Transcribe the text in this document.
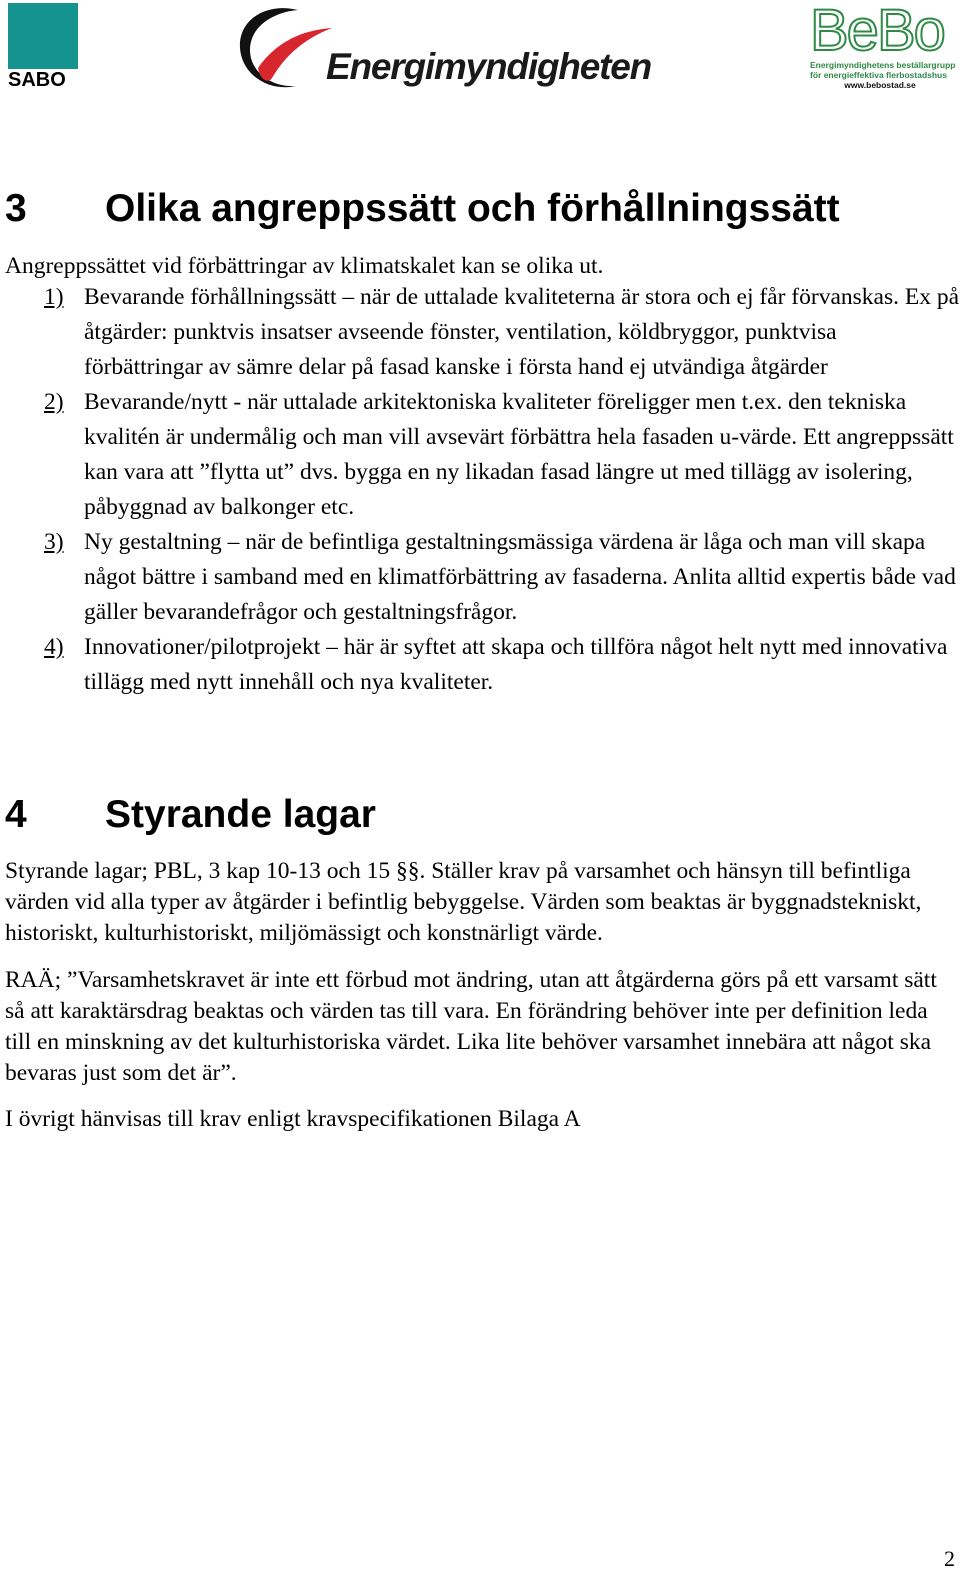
SABO	Energimyndigheten
BeBo
Energimyndighetens beställargrupp
för energieffektiva flerbostadshus
www.bebostad.se
3 Olika angreppssätt och förhållningssätt
Angreppssättet vid förbättringar av klimatskalet kan se olika ut.
1) Bevarande förhållningssätt – när de uttalade kvaliteterna är stora och ej får förvanskas. Ex på åtgärder: punktvis insatser avseende fönster, ventilation, köldbryggor, punktvisa förbättringar av sämre delar på fasad kanske i första hand ej utvändiga åtgärder
2) Bevarande/nytt - när uttalade arkitektoniska kvaliteter föreligger men t.ex. den tekniska kvalitén är undermålig och man vill avsevärt förbättra hela fasaden u-värde. Ett angreppssätt kan vara att ”flytta ut” dvs. bygga en ny likadan fasad längre ut med tillägg av isolering, påbyggnad av balkonger etc.
3) Ny gestaltning – när de befintliga gestaltningsmässiga värdena är låga och man vill skapa något bättre i samband med en klimatförbättring av fasaderna. Anlita alltid expertis både vad gäller bevarandefrågor och gestaltningsfrågor.
4) Innovationer/pilotprojekt – här är syftet att skapa och tillföra något helt nytt med innovativa tillägg med nytt innehåll och nya kvaliteter.
4 Styrande lagar
Styrande lagar; PBL, 3 kap 10-13 och 15 §§. Ställer krav på varsamhet och hänsyn till befintliga värden vid alla typer av åtgärder i befintlig bebyggelse. Värden som beaktas är byggnadstekniskt, historiskt, kulturhistoriskt, miljömässigt och konstnärligt värde.
RAÄ; ”Varsamhetskravet är inte ett förbud mot ändring, utan att åtgärderna görs på ett varsamt sätt så att karaktärsdrag beaktas och värden tas till vara. En förändring behöver inte per definition leda till en minskning av det kulturhistoriska värdet. Lika lite behöver varsamhet innebära att något ska bevaras just som det är”.
I övrigt hänvisas till krav enligt kravspecifikationen Bilaga A
2
